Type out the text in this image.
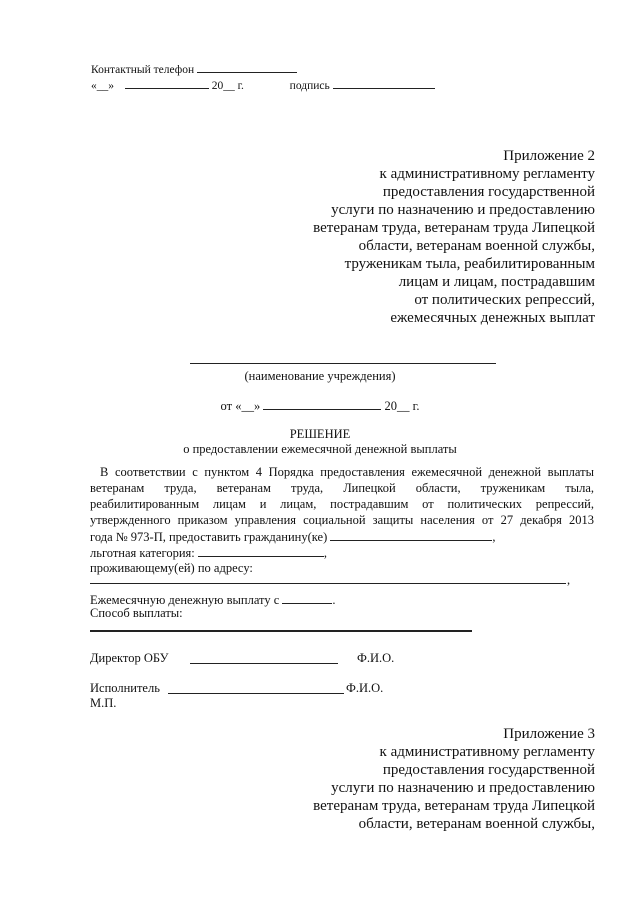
Контактный телефон
«__»	20__ г.	подпись
Приложение 2
к административному регламенту
предоставления государственной
услуги по назначению и предоставлению
ветеранам труда, ветеранам труда Липецкой
области, ветеранам военной службы,
труженикам тыла, реабилитированным
лицам и лицам, пострадавшим
от политических репрессий,
ежемесячных денежных выплат
(наименование учреждения)
от «__»	20__ г.
РЕШЕНИЕ
о предоставлении ежемесячной денежной выплаты
В соответствии с пунктом 4 Порядка предоставления ежемесячной денежной выплаты
ветеранам труда, ветеранам труда, Липецкой области, труженикам тыла,
реабилитированным лицам и лицам, пострадавшим от политических репрессий,
утвержденного приказом управления социальной защиты населения от 27 декабря 2013
года № 973-П, предоставить гражданину(ке)	,
льготная категория:	,
проживающему(ей) по адресу:
,
Ежемесячную денежную выплату с	.
Способ выплаты:
Директор ОБУ	Ф.И.О.
Исполнитель	Ф.И.О.
М.П.
Приложение 3
к административному регламенту
предоставления государственной
услуги по назначению и предоставлению
ветеранам труда, ветеранам труда Липецкой
области, ветеранам военной службы,
